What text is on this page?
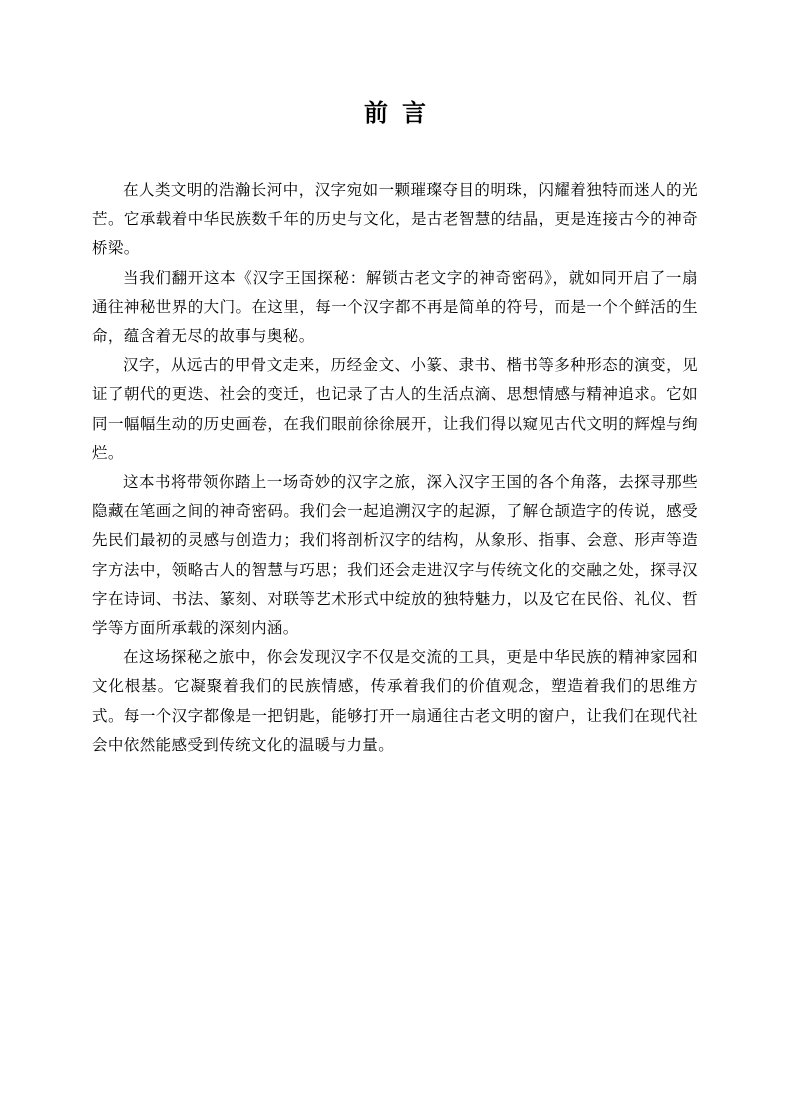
前言

在人类文明的浩瀚长河中，汉字宛如一颗璀璨夺目的明珠，闪耀着独特而迷人的光芒。它承载着中华民族数千年的历史与文化，是古老智慧的结晶，更是连接古今的神奇桥梁。

当我们翻开这本《汉字王国探秘：解锁古老文字的神奇密码》，就如同开启了一扇通往神秘世界的大门。在这里，每一个汉字都不再是简单的符号，而是一个个鲜活的生命，蕴含着无尽的故事与奥秘。

汉字，从远古的甲骨文走来，历经金文、小篆、隶书、楷书等多种形态的演变，见证了朝代的更迭、社会的变迁，也记录了古人的生活点滴、思想情感与精神追求。它如同一幅幅生动的历史画卷，在我们眼前徐徐展开，让我们得以窥见古代文明的辉煌与绚烂。

这本书将带领你踏上一场奇妙的汉字之旅，深入汉字王国的各个角落，去探寻那些隐藏在笔画之间的神奇密码。我们会一起追溯汉字的起源，了解仓颉造字的传说，感受先民们最初的灵感与创造力；我们将剖析汉字的结构，从象形、指事、会意、形声等造字方法中，领略古人的智慧与巧思；我们还会走进汉字与传统文化的交融之处，探寻汉字在诗词、书法、篆刻、对联等艺术形式中绽放的独特魅力，以及它在民俗、礼仪、哲学等方面所承载的深刻内涵。

在这场探秘之旅中，你会发现汉字不仅是交流的工具，更是中华民族的精神家园和文化根基。它凝聚着我们的民族情感，传承着我们的价值观念，塑造着我们的思维方式。每一个汉字都像是一把钥匙，能够打开一扇通往古老文明的窗户，让我们在现代社会中依然能感受到传统文化的温暖与力量。
